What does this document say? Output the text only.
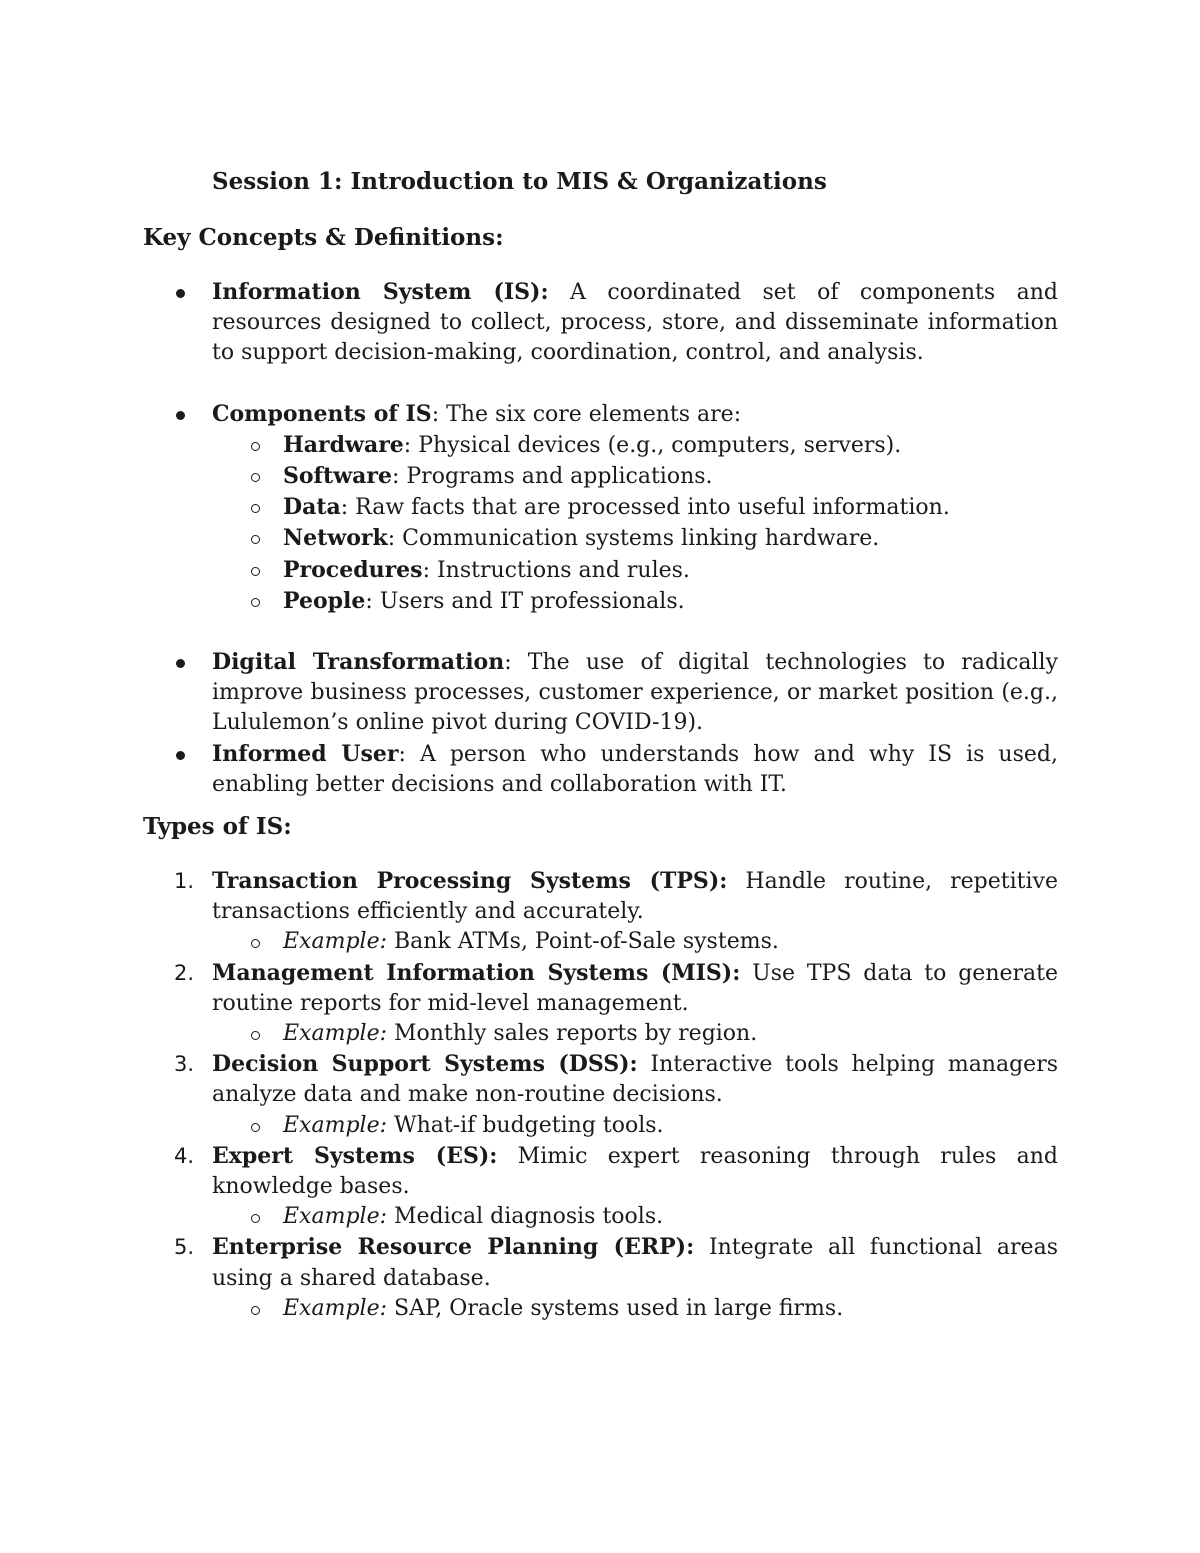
Session 1: Introduction to MIS & Organizations
Key Concepts & Definitions:
Information System (IS): A coordinated set of components and resources designed to collect, process, store, and disseminate information to support decision-making, coordination, control, and analysis.
Components of IS: The six core elements are:
Hardware: Physical devices (e.g., computers, servers).
Software: Programs and applications.
Data: Raw facts that are processed into useful information.
Network: Communication systems linking hardware.
Procedures: Instructions and rules.
People: Users and IT professionals.
Digital Transformation: The use of digital technologies to radically improve business processes, customer experience, or market position (e.g., Lululemon’s online pivot during COVID-19).
Informed User: A person who understands how and why IS is used, enabling better decisions and collaboration with IT.
Types of IS:
1. Transaction Processing Systems (TPS): Handle routine, repetitive transactions efficiently and accurately.
Example: Bank ATMs, Point-of-Sale systems.
2. Management Information Systems (MIS): Use TPS data to generate routine reports for mid-level management.
Example: Monthly sales reports by region.
3. Decision Support Systems (DSS): Interactive tools helping managers analyze data and make non-routine decisions.
Example: What-if budgeting tools.
4. Expert Systems (ES): Mimic expert reasoning through rules and knowledge bases.
Example: Medical diagnosis tools.
5. Enterprise Resource Planning (ERP): Integrate all functional areas using a shared database.
Example: SAP, Oracle systems used in large firms.
